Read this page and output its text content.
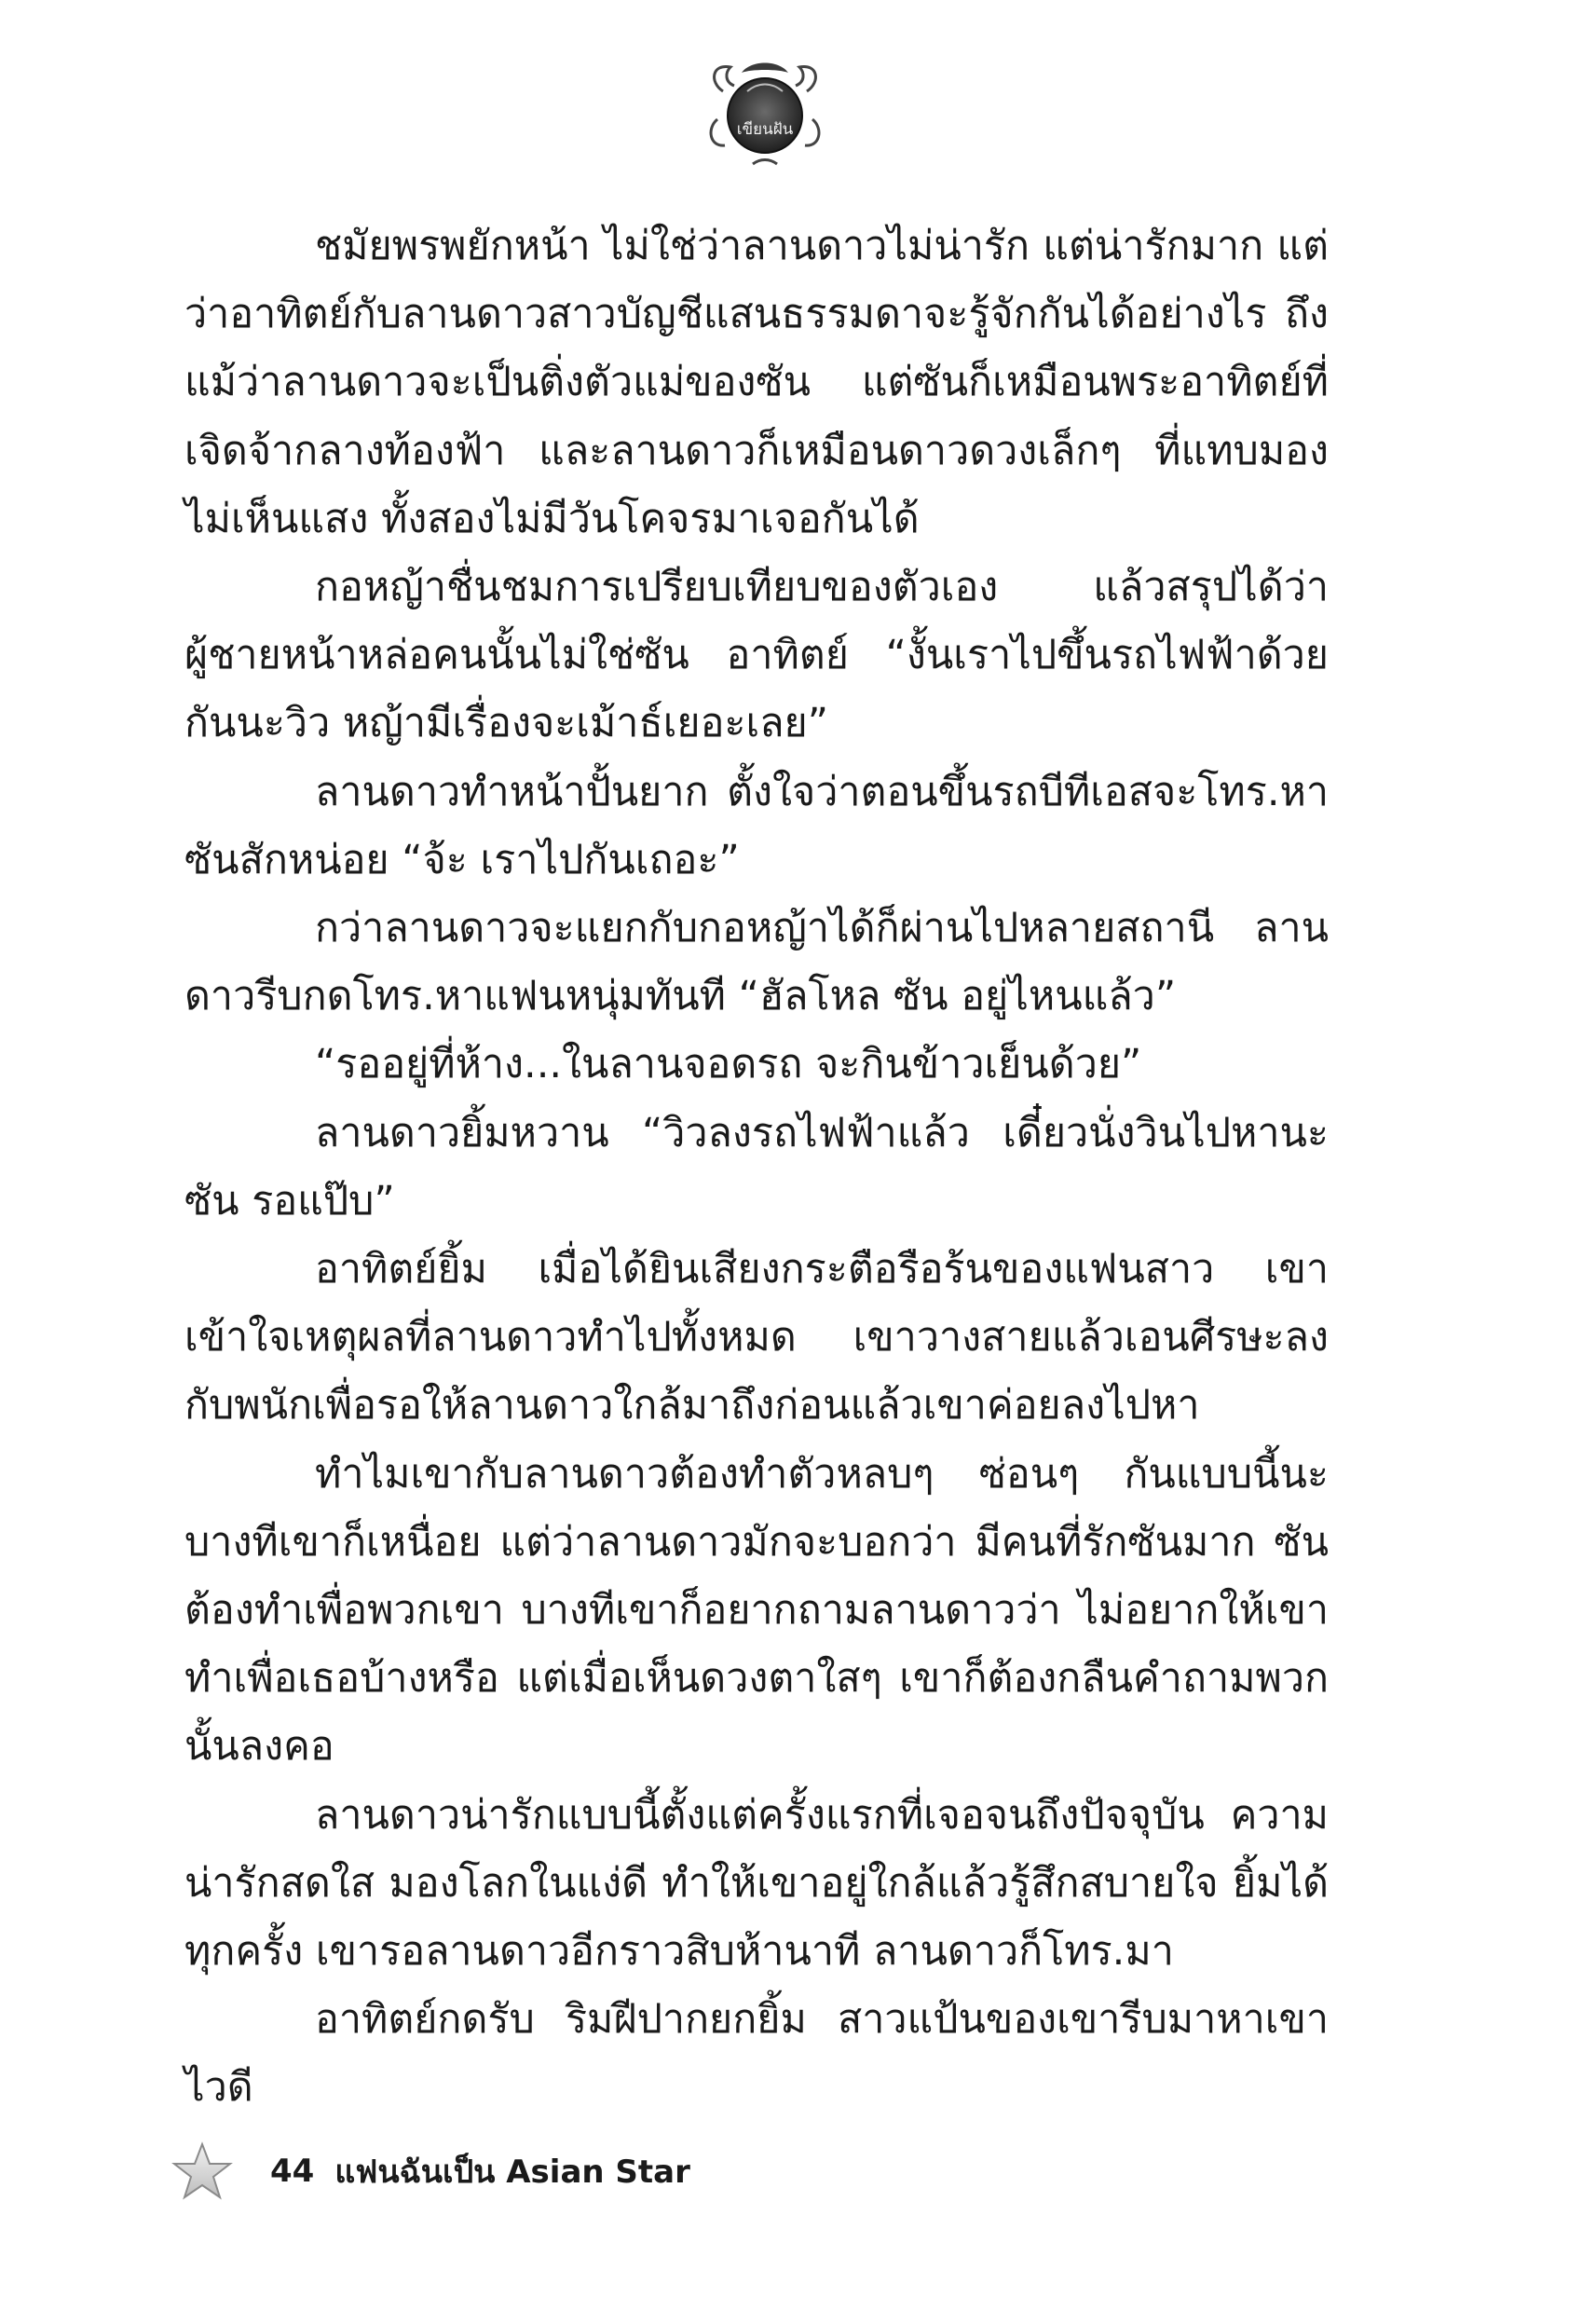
เขียนฝัน

ชมัยพรพยักหน้า ไม่ใช่ว่าลานดาวไม่น่ารัก แต่น่ารักมาก แต่ว่าอาทิตย์กับลานดาวสาวบัญชีแสนธรรมดาจะรู้จักกันได้อย่างไร ถึงแม้ว่าลานดาวจะเป็นติ่งตัวแม่ของซัน แต่ซันก็เหมือนพระอาทิตย์ที่เจิดจ้ากลางท้องฟ้า และลานดาวก็เหมือนดาวดวงเล็กๆ ที่แทบมองไม่เห็นแสง ทั้งสองไม่มีวันโคจรมาเจอกันได้

กอหญ้าชื่นชมการเปรียบเทียบของตัวเอง แล้วสรุปได้ว่าผู้ชายหน้าหล่อคนนั้นไม่ใช่ซัน อาทิตย์ “งั้นเราไปขึ้นรถไฟฟ้าด้วยกันนะวิว หญ้ามีเรื่องจะเม้าธ์เยอะเลย”

ลานดาวทำหน้าปั้นยาก ตั้งใจว่าตอนขึ้นรถบีทีเอสจะโทร.หาซันสักหน่อย “จ้ะ เราไปกันเถอะ”

กว่าลานดาวจะแยกกับกอหญ้าได้ก็ผ่านไปหลายสถานี ลานดาวรีบกดโทร.หาแฟนหนุ่มทันที “ฮัลโหล ซัน อยู่ไหนแล้ว”

“รออยู่ที่ห้าง...ในลานจอดรถ จะกินข้าวเย็นด้วย”

ลานดาวยิ้มหวาน “วิวลงรถไฟฟ้าแล้ว เดี๋ยวนั่งวินไปหานะ ซัน รอแป๊บ”

อาทิตย์ยิ้ม เมื่อได้ยินเสียงกระตือรือร้นของแฟนสาว เขาเข้าใจเหตุผลที่ลานดาวทำไปทั้งหมด เขาวางสายแล้วเอนศีรษะลงกับพนักเพื่อรอให้ลานดาวใกล้มาถึงก่อนแล้วเขาค่อยลงไปหา

ทำไมเขากับลานดาวต้องทำตัวหลบๆ ซ่อนๆ กันแบบนี้นะ บางทีเขาก็เหนื่อย แต่ว่าลานดาวมักจะบอกว่า มีคนที่รักซันมาก ซันต้องทำเพื่อพวกเขา บางทีเขาก็อยากถามลานดาวว่า ไม่อยากให้เขาทำเพื่อเธอบ้างหรือ แต่เมื่อเห็นดวงตาใสๆ เขาก็ต้องกลืนคำถามพวกนั้นลงคอ

ลานดาวน่ารักแบบนี้ตั้งแต่ครั้งแรกที่เจอจนถึงปัจจุบัน ความน่ารักสดใส มองโลกในแง่ดี ทำให้เขาอยู่ใกล้แล้วรู้สึกสบายใจ ยิ้มได้ทุกครั้ง เขารอลานดาวอีกราวสิบห้านาที ลานดาวก็โทร.มา

อาทิตย์กดรับ ริมฝีปากยกยิ้ม สาวแป้นของเขารีบมาหาเขาไวดี

44 แฟนฉันเป็น Asian Star
